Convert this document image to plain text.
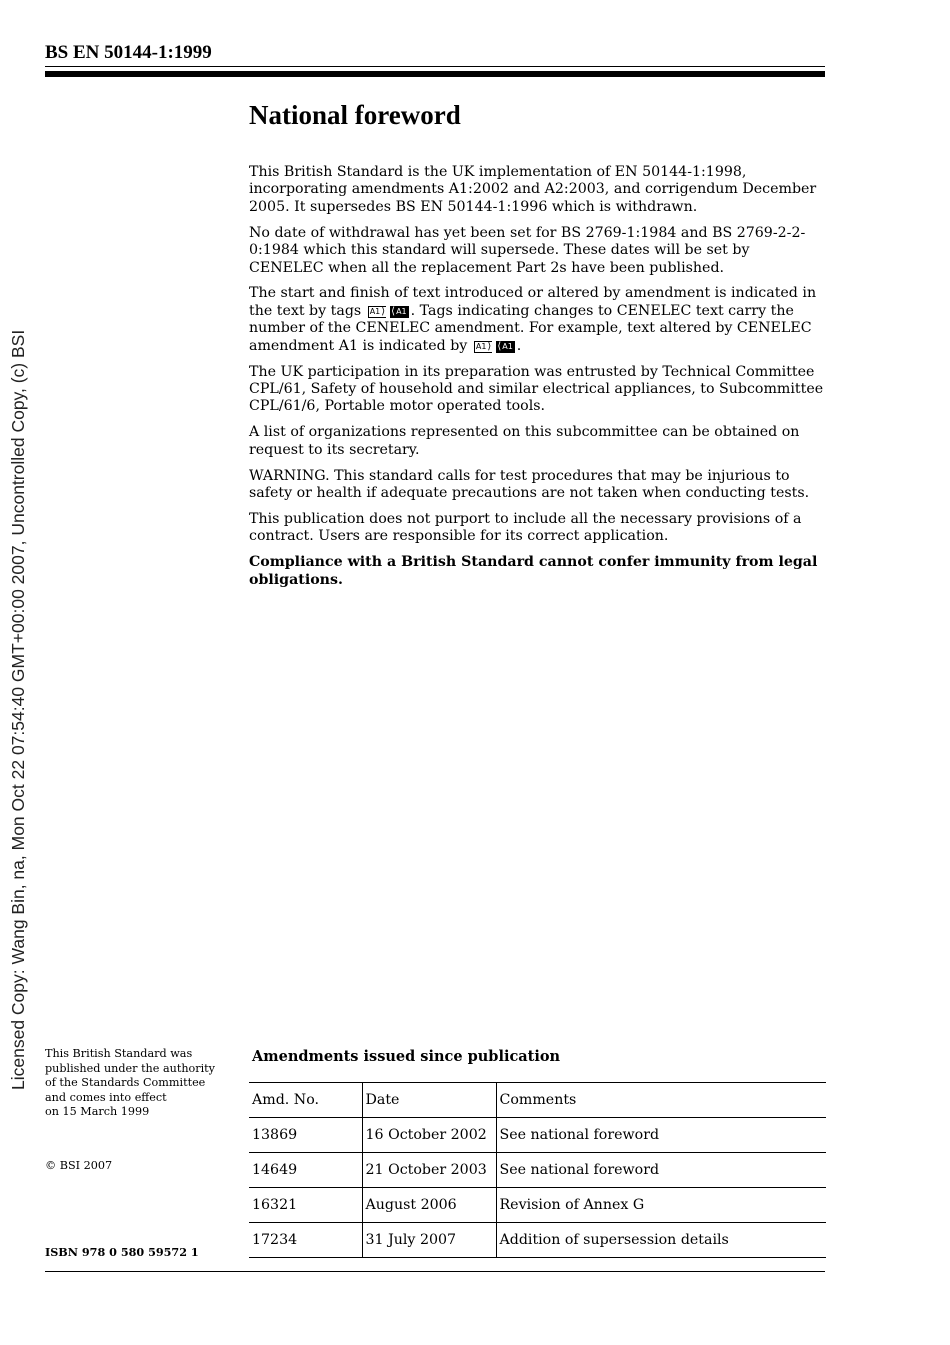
BS EN 50144-1:1999
Licensed Copy: Wang Bin, na, Mon Oct 22 07:54:40 GMT+00:00 2007, Uncontrolled Copy, (c) BSI
National foreword

This British Standard is the UK implementation of EN 50144-1:1998, incorporating amendments A1:2002 and A2:2003, and corrigendum December 2005. It supersedes BS EN 50144-1:1996 which is withdrawn.

No date of withdrawal has yet been set for BS 2769-1:1984 and BS 2769-2-2-0:1984 which this standard will supersede. These dates will be set by CENELEC when all the replacement Part 2s have been published.

The start and finish of text introduced or altered by amendment is indicated in the text by tags A1 ⟩ ⟨ A1 . Tags indicating changes to CENELEC text carry the number of the CENELEC amendment. For example, text altered by CENELEC amendment A1 is indicated by A1 ⟩ ⟨ A1 .

The UK participation in its preparation was entrusted by Technical Committee CPL/61, Safety of household and similar electrical appliances, to Subcommittee CPL/61/6, Portable motor operated tools.

A list of organizations represented on this subcommittee can be obtained on request to its secretary.

WARNING. This standard calls for test procedures that may be injurious to safety or health if adequate precautions are not taken when conducting tests.

This publication does not purport to include all the necessary provisions of a contract. Users are responsible for its correct application.

Compliance with a British Standard cannot confer immunity from legal obligations.

This British Standard was
published under the authority
of the Standards Committee
and comes into effect
on 15 March 1999
© BSI 2007
ISBN 978 0 580 59572 1
Amendments issued since publication
Amd. No.	Date	Comments
13869	16 October 2002	See national foreword
14649	21 October 2003	See national foreword
16321	August 2006	Revision of Annex G
17234	31 July 2007	Addition of supersession details
